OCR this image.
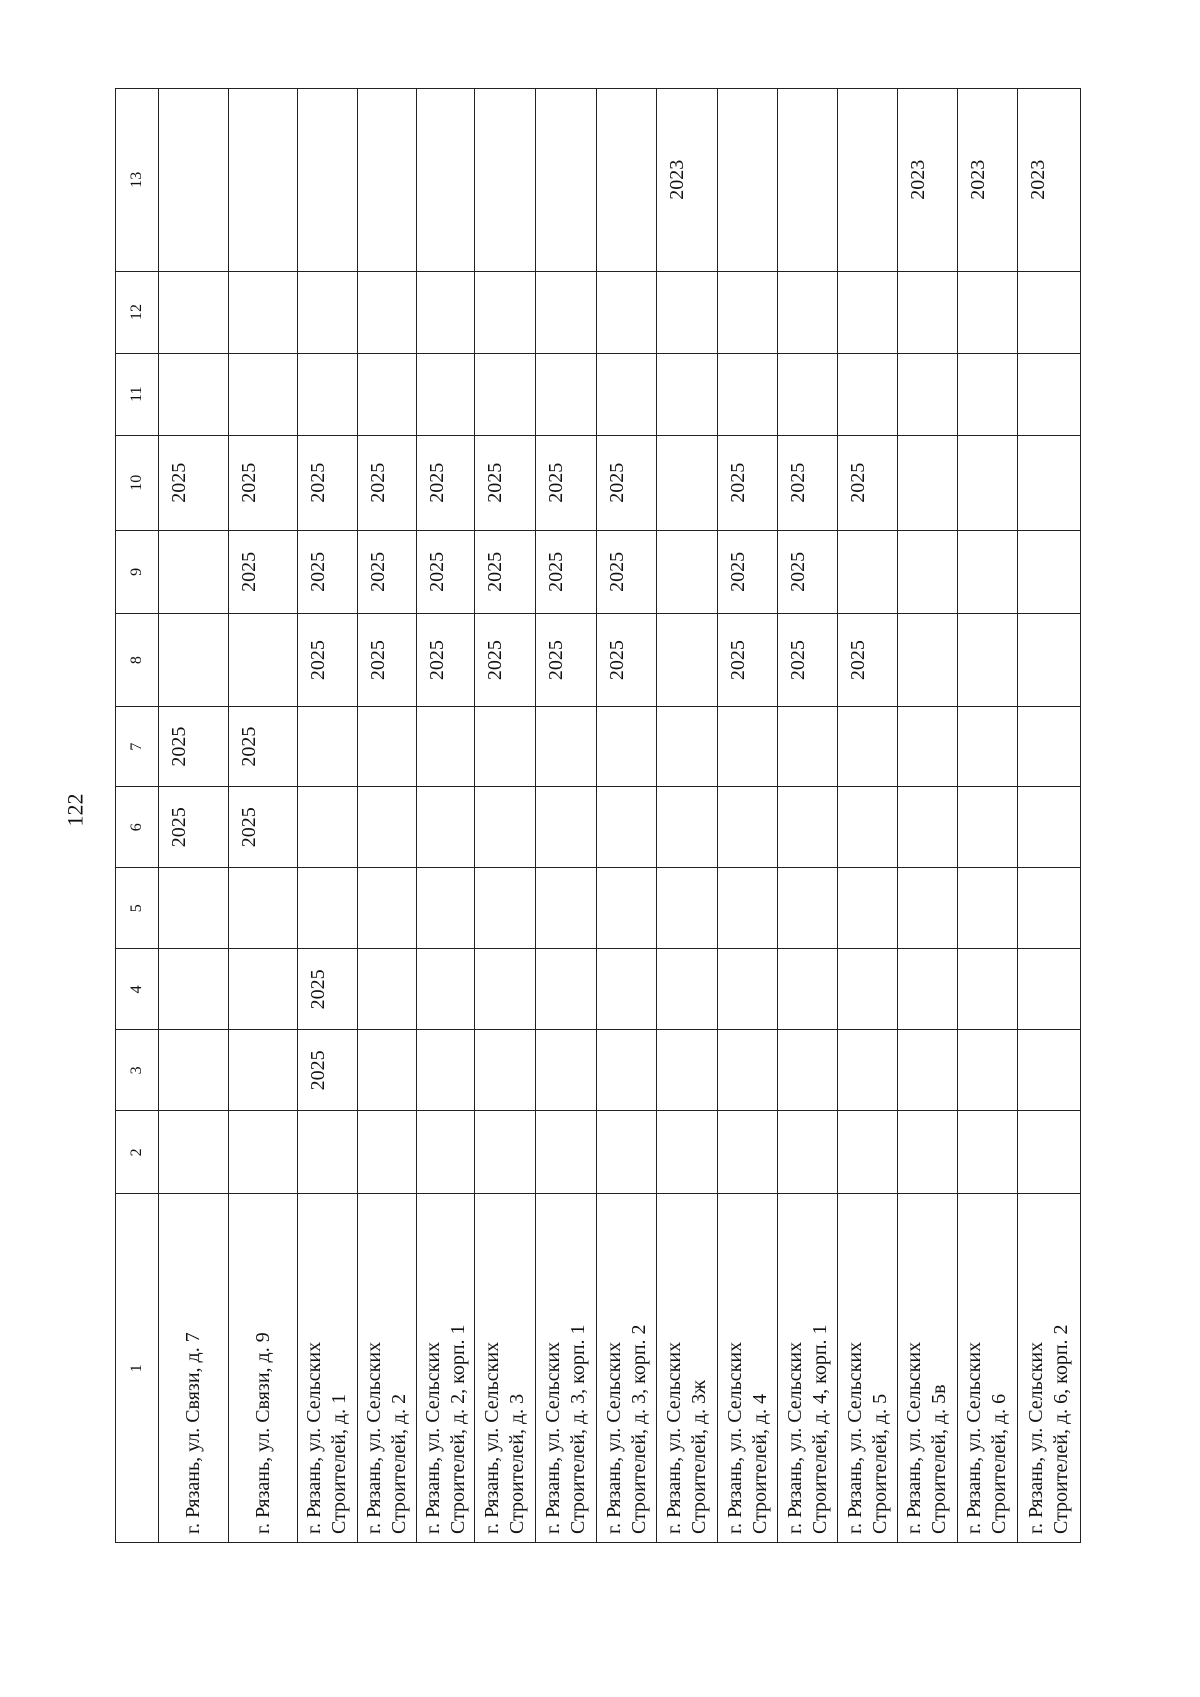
122
1	2	3	4	5	6	7	8	9	10	11	12	13

г. Рязань, ул. Связи, д. 7					2025	2025			2025			

г. Рязань, ул. Связи, д. 9					2025	2025		2025	2025			

г. Рязань, ул. Сельских Строителей, д. 1		2025	2025				2025	2025	2025			

г. Рязань, ул. Сельских Строителей, д. 2							2025	2025	2025			

г. Рязань, ул. Сельских Строителей, д. 2, корп. 1							2025	2025	2025			

г. Рязань, ул. Сельских Строителей, д. 3							2025	2025	2025			

г. Рязань, ул. Сельских Строителей, д. 3, корп. 1							2025	2025	2025			

г. Рязань, ул. Сельских Строителей, д. 3, корп. 2							2025	2025	2025			

г. Рязань, ул. Сельских Строителей, д. 3ж												2023

г. Рязань, ул. Сельских Строителей, д. 4							2025	2025	2025			

г. Рязань, ул. Сельских Строителей, д. 4, корп. 1							2025	2025	2025			

г. Рязань, ул. Сельских Строителей, д. 5							2025		2025			

г. Рязань, ул. Сельских Строителей, д. 5в												2023

г. Рязань, ул. Сельских Строителей, д. 6												2023

г. Рязань, ул. Сельских Строителей, д. 6, корп. 2												2023
